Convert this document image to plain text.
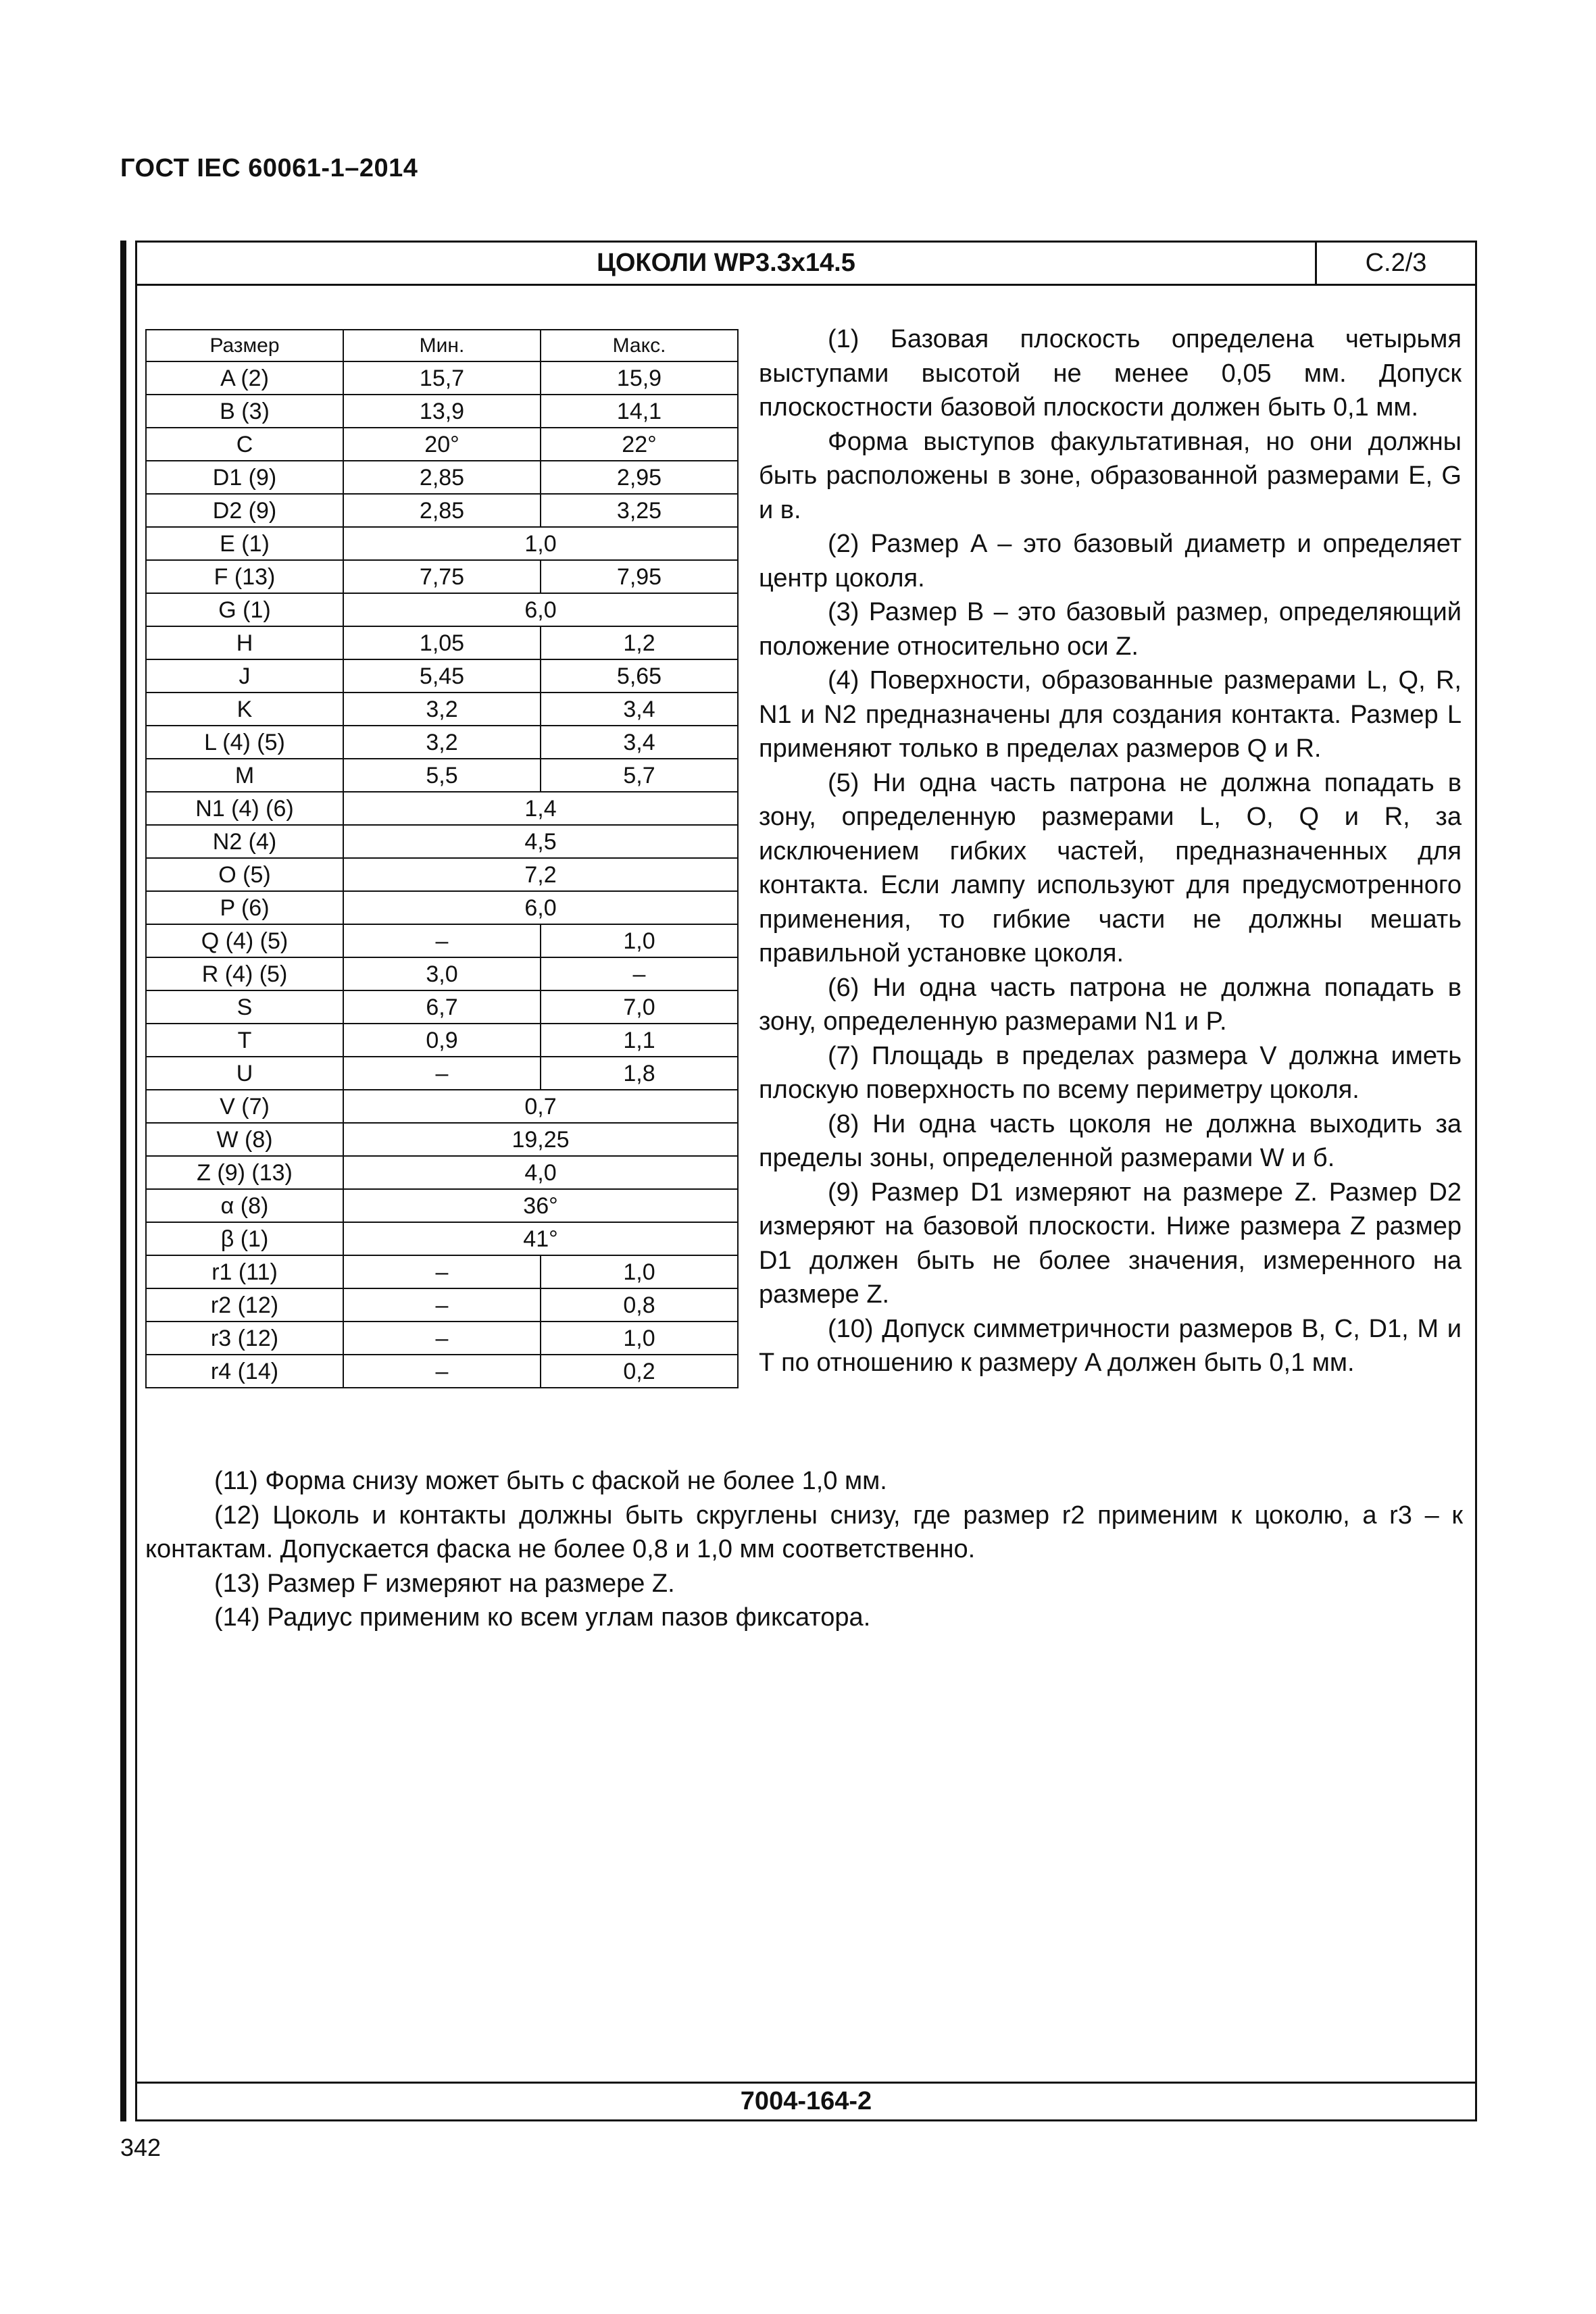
ГОСТ IEC 60061-1–2014
ЦОКОЛИ WP3.3x14.5	С.2/3
Размер	Мин.	Макс.
A (2)	15,7	15,9
B (3)	13,9	14,1
C	20°	22°
D1 (9)	2,85	2,95
D2 (9)	2,85	3,25
E (1)	1,0	
F (13)	7,75	7,95
G (1)	6,0	
H	1,05	1,2
J	5,45	5,65
K	3,2	3,4
L (4) (5)	3,2	3,4
M	5,5	5,7
N1 (4) (6)	1,4	
N2 (4)	4,5	
O (5)	7,2	
P (6)	6,0	
Q (4) (5)	–	1,0
R (4) (5)	3,0	–
S	6,7	7,0
T	0,9	1,1
U	–	1,8
V (7)	0,7	
W (8)	19,25	
Z (9) (13)	4,0	
α (8)	36°	
β (1)	41°	
r1 (11)	–	1,0
r2 (12)	–	0,8
r3 (12)	–	1,0
r4 (14)	–	0,2

(1) Базовая плоскость определена четырьмя выступами высотой не менее 0,05 мм. Допуск плоскостности базовой плоскости должен быть 0,1 мм.

Форма выступов факультативная, но они должны быть расположены в зоне, образованной размерами E, G и в.

(2) Размер A – это базовый диаметр и определяет центр цоколя.

(3) Размер B – это базовый размер, определяющий положение относительно оси Z.

(4) Поверхности, образованные размерами L, Q, R, N1 и N2 предназначены для создания контакта. Размер L применяют только в пределах размеров Q и R.

(5) Ни одна часть патрона не должна попадать в зону, определенную размерами L, O, Q и R, за исключением гибких частей, предназначенных для контакта. Если лампу используют для предусмотренного применения, то гибкие части не должны мешать правильной установке цоколя.

(6) Ни одна часть патрона не должна попадать в зону, определенную размерами N1 и P.

(7) Площадь в пределах размера V должна иметь плоскую поверхность по всему периметру цоколя.

(8) Ни одна часть цоколя не должна выходить за пределы зоны, определенной размерами W и б.

(9) Размер D1 измеряют на размере Z. Размер D2 измеряют на базовой плоскости. Ниже размера Z размер D1 должен быть не более значения, измеренного на размере Z.

(10) Допуск симметричности размеров B, C, D1, M и T по отношению к размеру A должен быть 0,1 мм.

(11) Форма снизу может быть с фаской не более 1,0 мм.

(12) Цоколь и контакты должны быть скруглены снизу, где размер r2 применим к цоколю, а r3 – к контактам. Допускается фаска не более 0,8 и 1,0 мм соответственно.

(13) Размер F измеряют на размере Z.

(14) Радиус применим ко всем углам пазов фиксатора.

7004-164-2
342
